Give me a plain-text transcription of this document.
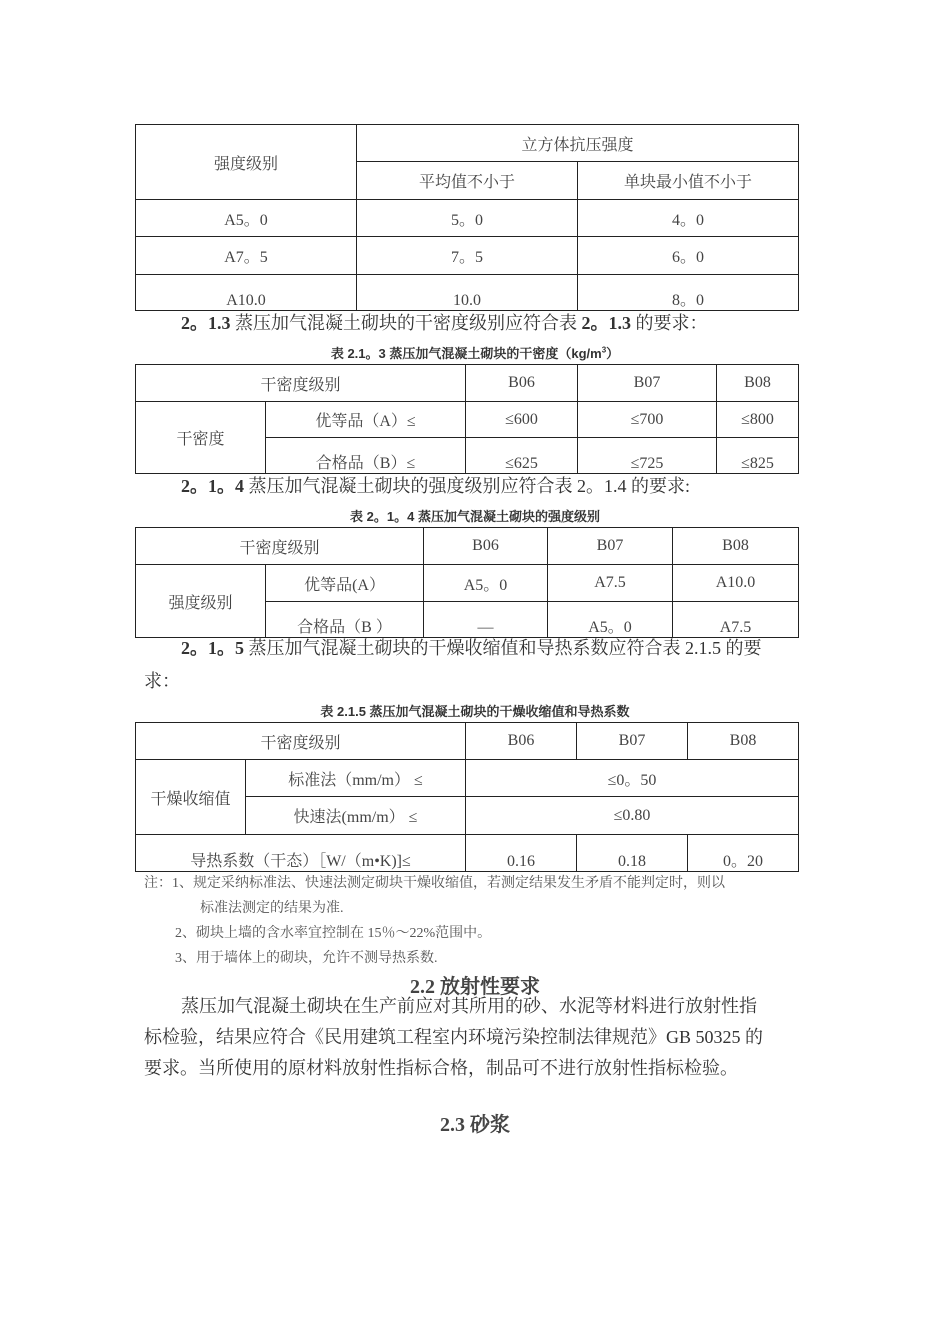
强度级别	立方体抗压强度	
	平均值不小于	单块最小值不小于
A5。0	5。0	4。0
A7。5	7。5	6。0
A10.0	10.0	8。0
2。1.3 蒸压加气混凝土砌块的干密度级别应符合表 2。1.3 的要求：
表 2.1。3 蒸压加气混凝土砌块的干密度$(kg/m^3)$
干密度级别		B06	B07	B08
干密度	优等品（A）≤	≤600	≤700	≤800
	合格品（B）≤	≤625	≤725	≤825
2。1。4 蒸压加气混凝土砌块的强度级别应符合表 2。1.4 的要求:
表 2。1。4 蒸压加气混凝土砌块的强度级别
干密度级别		B06	B07	B08
强度级别	优等品(A）	A5。0	A7.5	A10.0
	合格品（B ）	—	A5。0	A7.5
2。1。5 蒸压加气混凝土砌块的干燥收缩值和导热系数应符合表 2.1.5 的要
求：
表 2.1.5 蒸压加气混凝土砌块的干燥收缩值和导热系数
干密度级别		B06	B07	B08
干燥收缩值	标准法（mm/m） ≤	≤0。50		
	快速法(mm/m） ≤	≤0.80		
导热系数（干态）［W/（m•K)]≤		0.16	0.18	0。20
注：1、规定采纳标准法、快速法测定砌块干燥收缩值，若测定结果发生矛盾不能判定时，则以
标准法测定的结果为准.
2、砌块上墙的含水率宜控制在 15％～22%范围中。
3、用于墙体上的砌块，允许不测导热系数.
2.2 放射性要求
蒸压加气混凝土砌块在生产前应对其所用的砂、水泥等材料进行放射性指
标检验，结果应符合《民用建筑工程室内环境污染控制法律规范》GB 50325 的
要求。当所使用的原材料放射性指标合格，制品可不进行放射性指标检验。
2.3 砂浆
